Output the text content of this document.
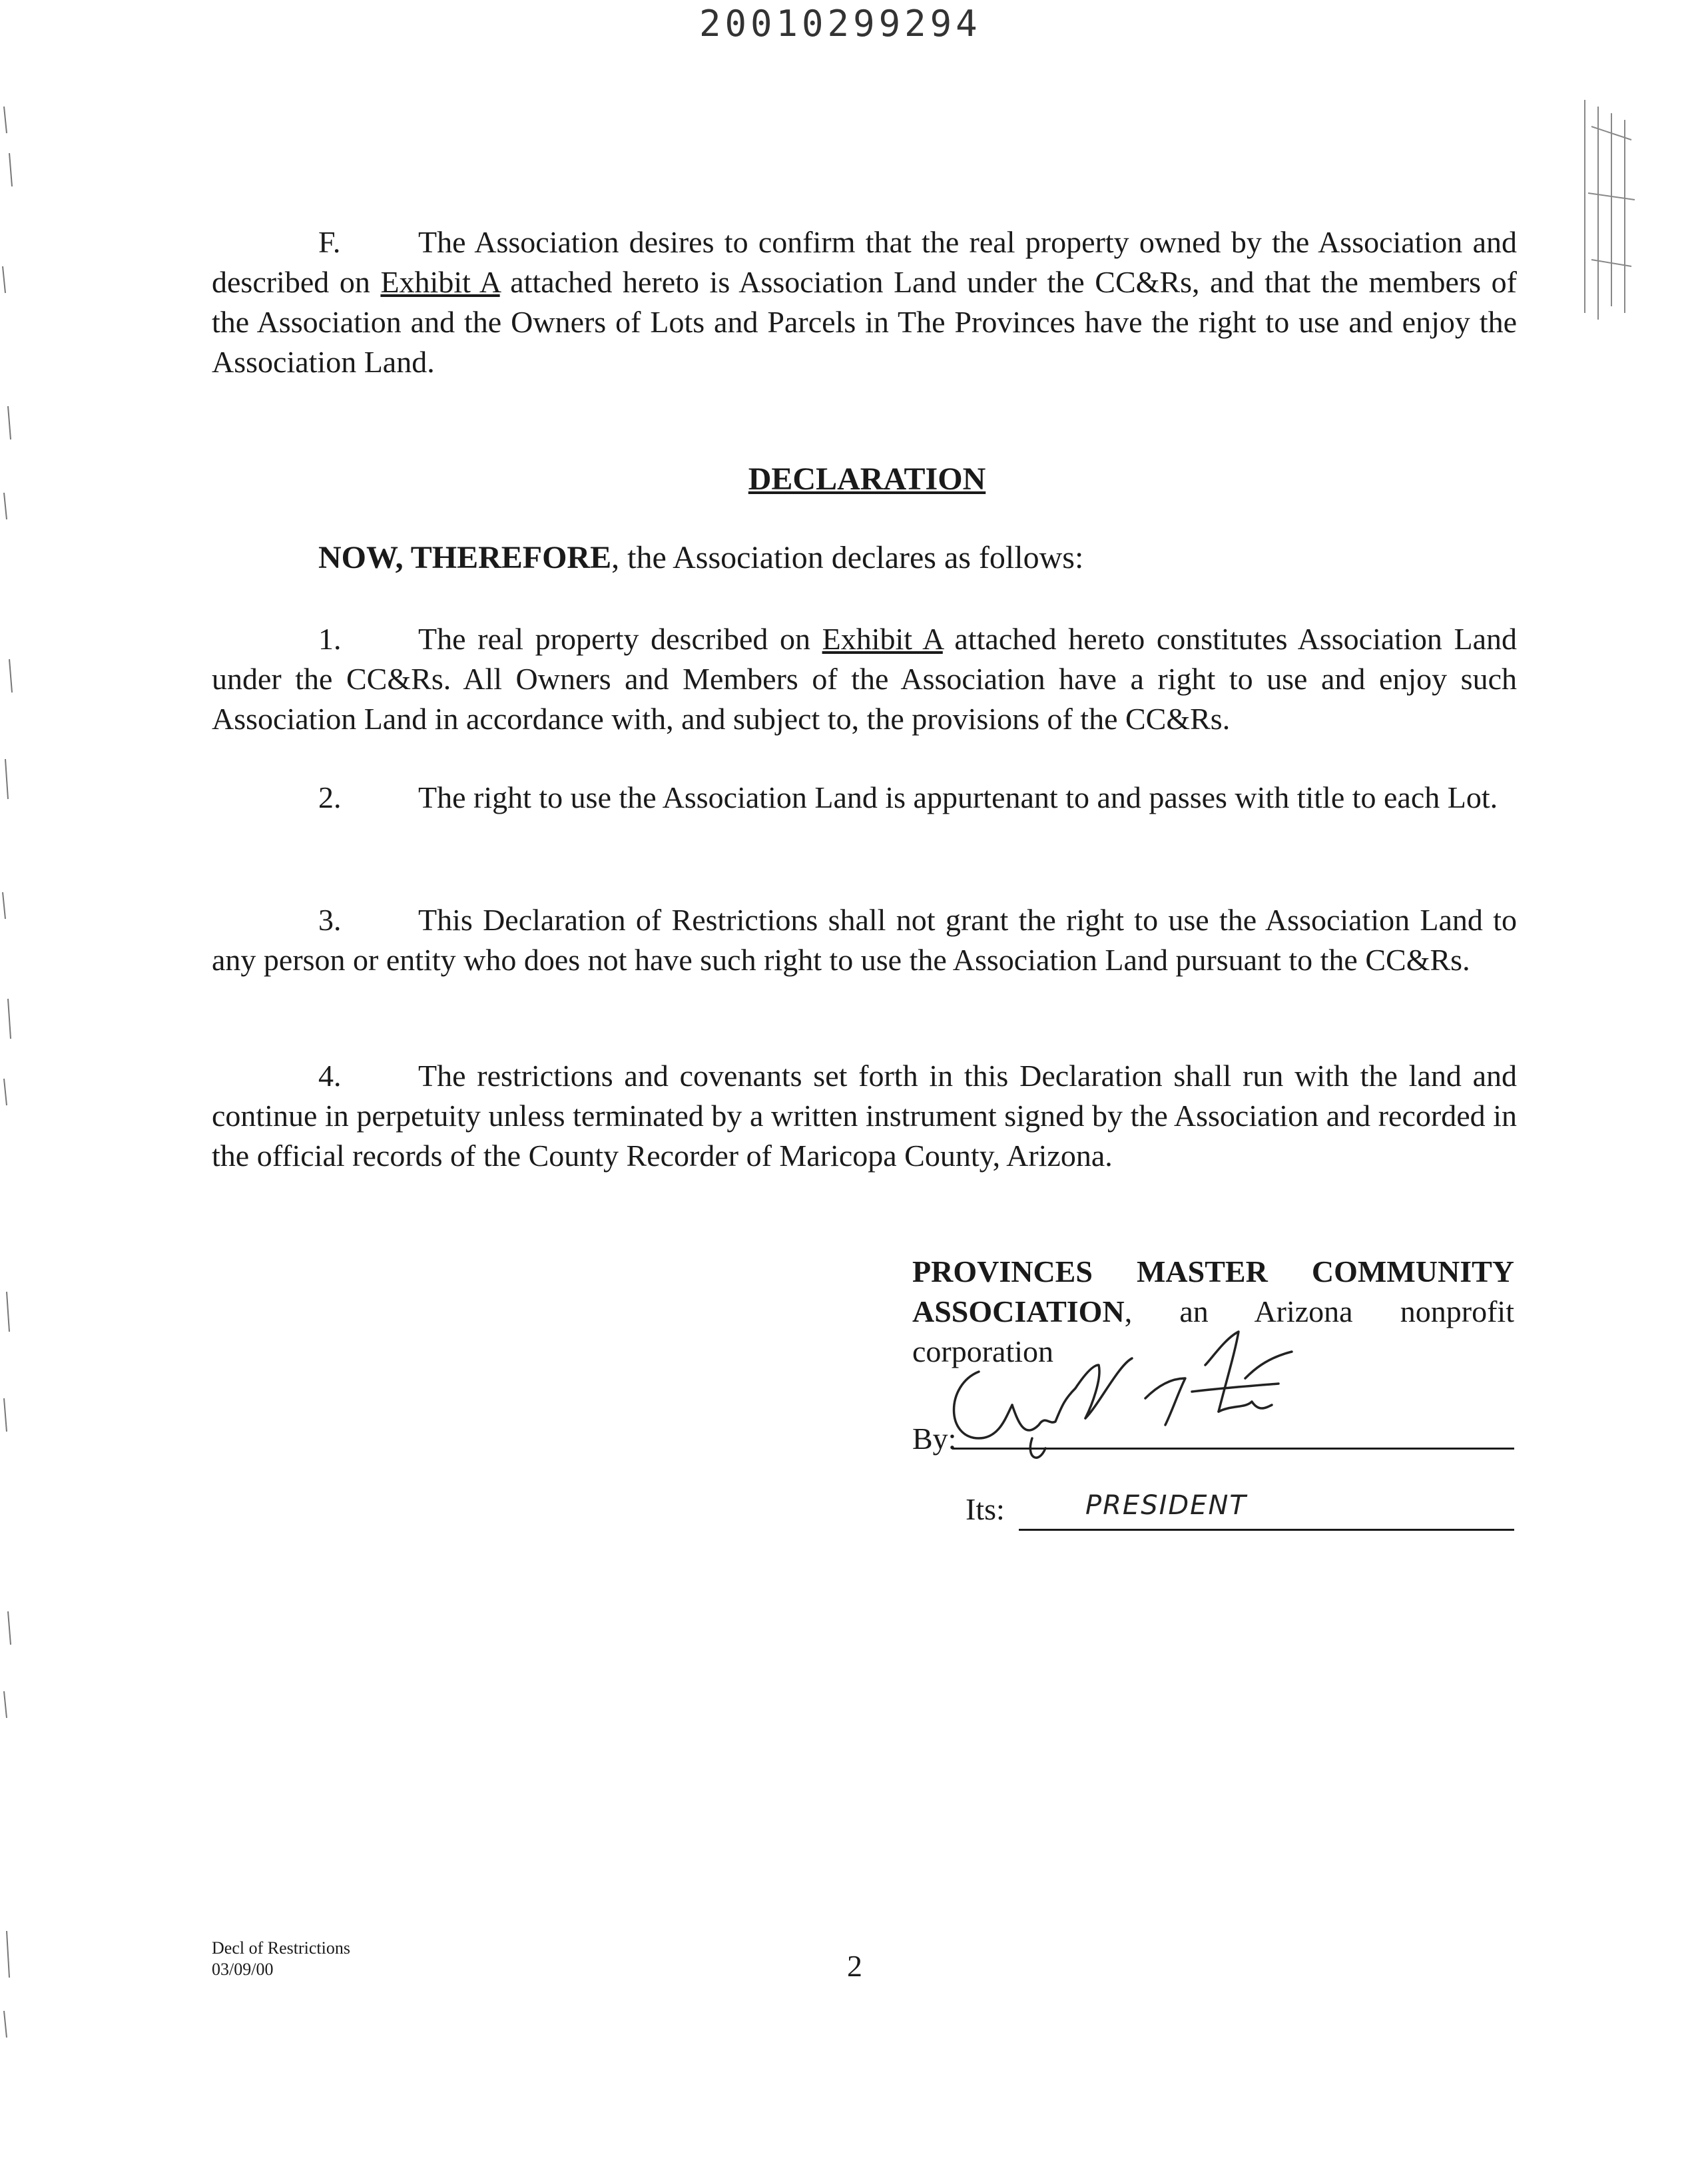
20010299294
F.	The Association desires to confirm that the real property owned by the Association and described on Exhibit A attached hereto is Association Land under the CC&Rs, and that the members of the Association and the Owners of Lots and Parcels in The Provinces have the right to use and enjoy the Association Land.
DECLARATION
NOW, THEREFORE, the Association declares as follows:
1.	The real property described on Exhibit A attached hereto constitutes Association Land under the CC&Rs. All Owners and Members of the Association have a right to use and enjoy such Association Land in accordance with, and subject to, the provisions of the CC&Rs.
2.	The right to use the Association Land is appurtenant to and passes with title to each Lot.
3.	This Declaration of Restrictions shall not grant the right to use the Association Land to any person or entity who does not have such right to use the Association Land pursuant to the CC&Rs.
4.	The restrictions and covenants set forth in this Declaration shall run with the land and continue in perpetuity unless terminated by a written instrument signed by the Association and recorded in the official records of the County Recorder of Maricopa County, Arizona.
PROVINCES MASTER COMMUNITY ASSOCIATION, an Arizona nonprofit
corporation
By:
Its:	PRESIDENT
Decl of Restrictions
03/09/00	2
